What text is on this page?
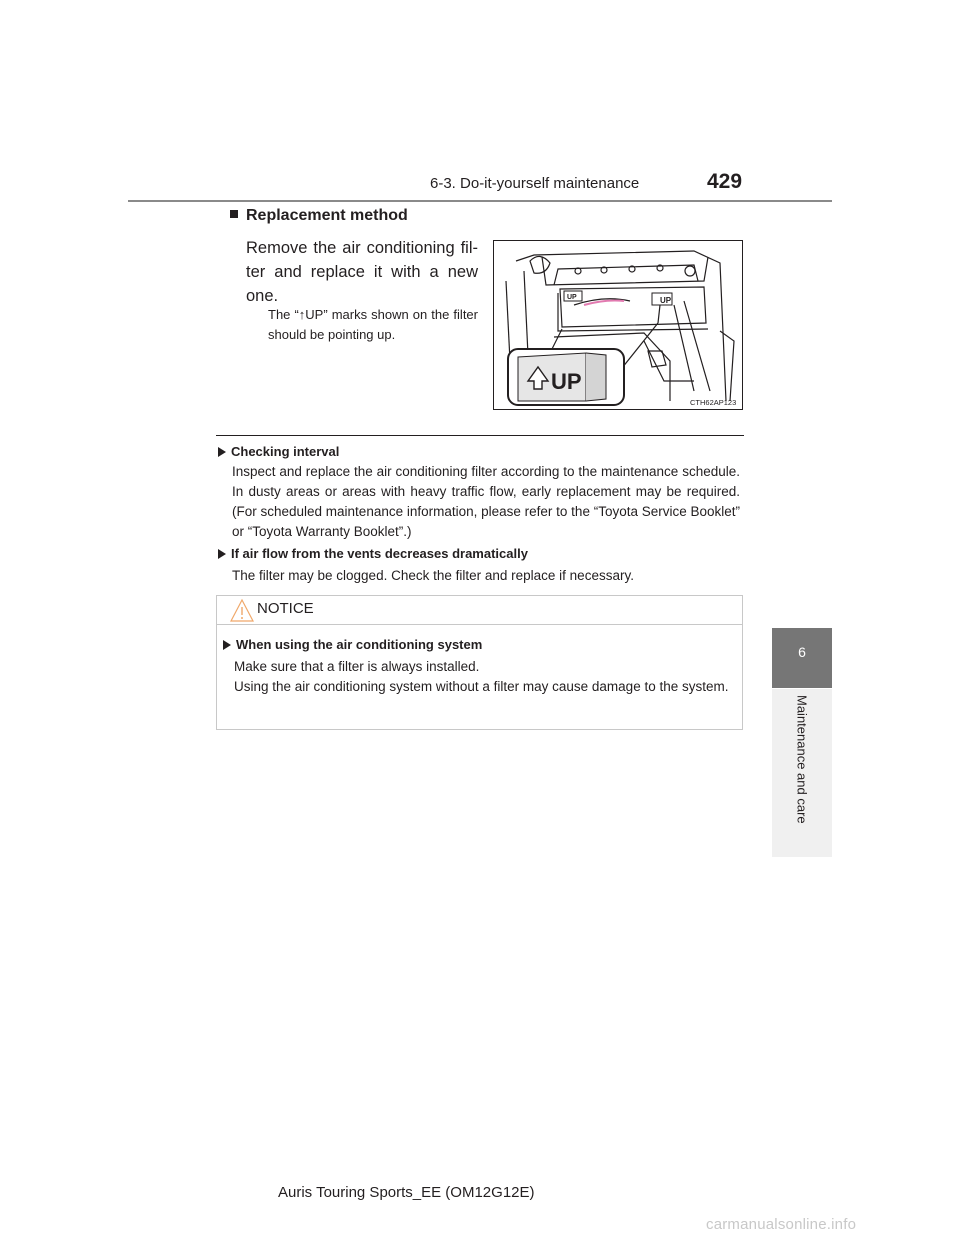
6-3. Do-it-yourself maintenance	429
6
Maintenance and care
Replacement method
Remove the air conditioning fil-ter and replace it with a new one.
The “↑UP” marks shown on the filter should be pointing up.
UP	UP
UP
CTH62AP123
Checking interval
Inspect and replace the air conditioning filter according to the maintenance schedule. In dusty areas or areas with heavy traffic flow, early replacement may be required. (For scheduled maintenance information, please refer to the “Toyota Service Booklet” or “Toyota Warranty Booklet”.)
If air flow from the vents decreases dramatically
The filter may be clogged. Check the filter and replace if necessary.
NOTICE
When using the air conditioning system

Make sure that a filter is always installed.

Using the air conditioning system without a filter may cause damage to the system.

Auris Touring Sports_EE (OM12G12E)
carmanualsonline.info
